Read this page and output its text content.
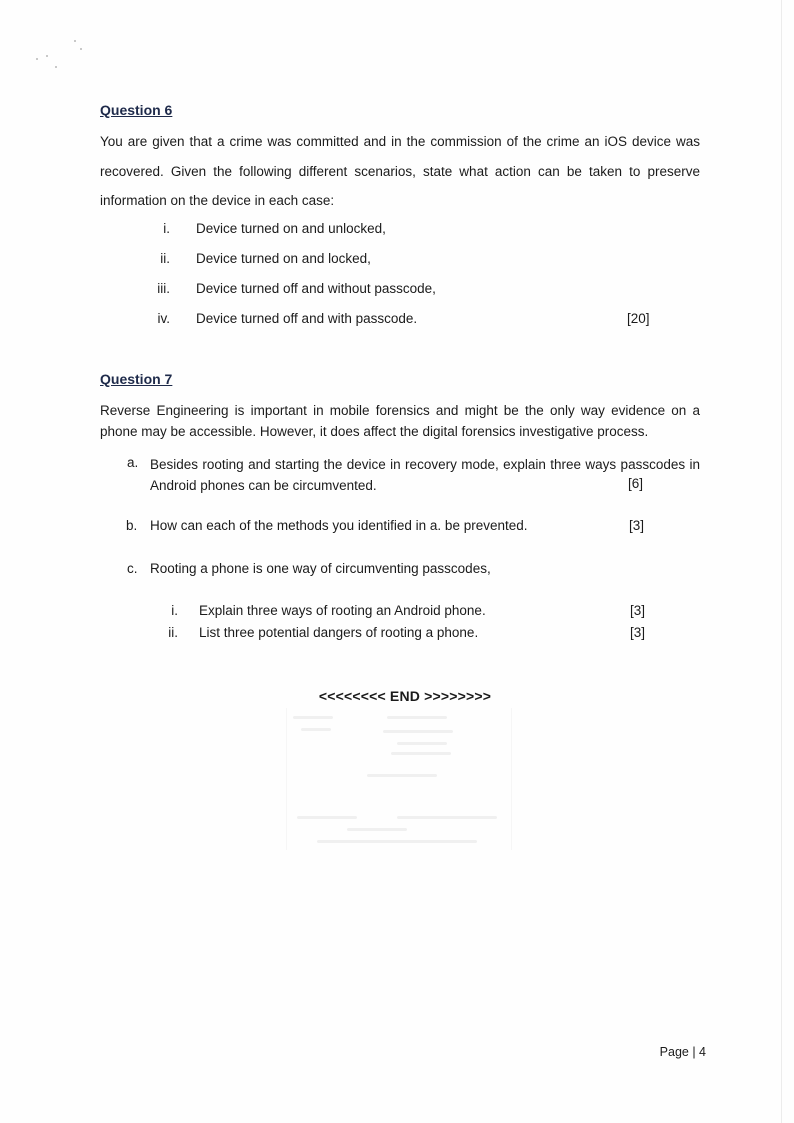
Question 6
You are given that a crime was committed and in the commission of the crime an iOS device was recovered. Given the following different scenarios, state what action can be taken to preserve information on the device in each case:
i. Device turned on and unlocked,
ii. Device turned on and locked,
iii. Device turned off and without passcode,
iv. Device turned off and with passcode.	[20]
Question 7
Reverse Engineering is important in mobile forensics and might be the only way evidence on a phone may be accessible. However, it does affect the digital forensics investigative process.
a. Besides rooting and starting the device in recovery mode, explain three ways passcodes in Android phones can be circumvented.	[6]
b. How can each of the methods you identified in a. be prevented.	[3]
c. Rooting a phone is one way of circumventing passcodes,
i. Explain three ways of rooting an Android phone.	[3]
ii. List three potential dangers of rooting a phone.	[3]
<<<<<<<< END >>>>>>>>
Page | 4
